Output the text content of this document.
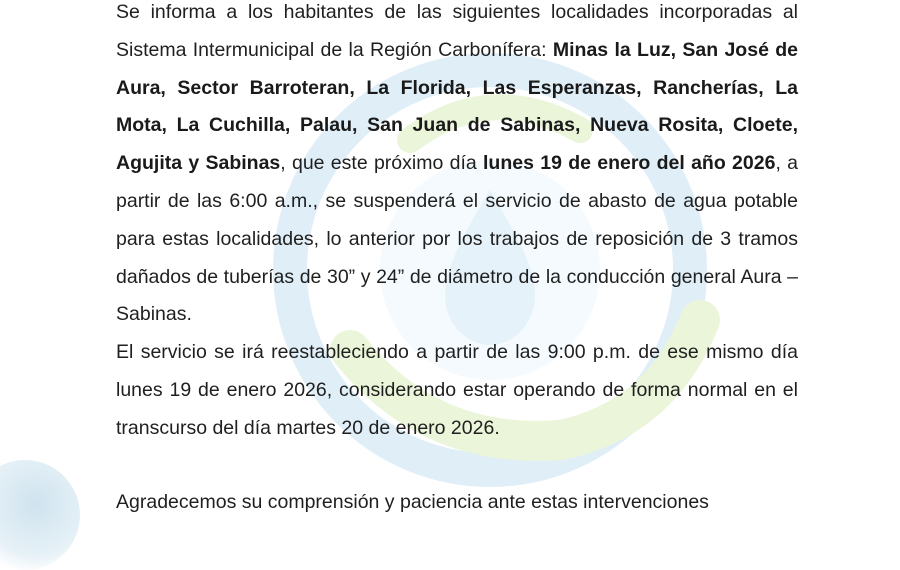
Se informa a los habitantes de las siguientes localidades incorporadas al Sistema Intermunicipal de la Región Carbonífera: Minas la Luz, San José de Aura, Sector Barroteran, La Florida, Las Esperanzas, Rancherías, La Mota, La Cuchilla, Palau, San Juan de Sabinas, Nueva Rosita, Cloete, Agujita y Sabinas, que este próximo día lunes 19 de enero del año 2026, a partir de las 6:00 a.m., se suspenderá el servicio de abasto de agua potable para estas localidades, lo anterior por los trabajos de reposición de 3 tramos dañados de tuberías de 30” y 24” de diámetro de la conducción general Aura – Sabinas.

El servicio se irá reestableciendo a partir de las 9:00 p.m. de ese mismo día lunes 19 de enero 2026, considerando estar operando de forma normal en el transcurso del día martes 20 de enero 2026.

Agradecemos su comprensión y paciencia ante estas intervenciones
